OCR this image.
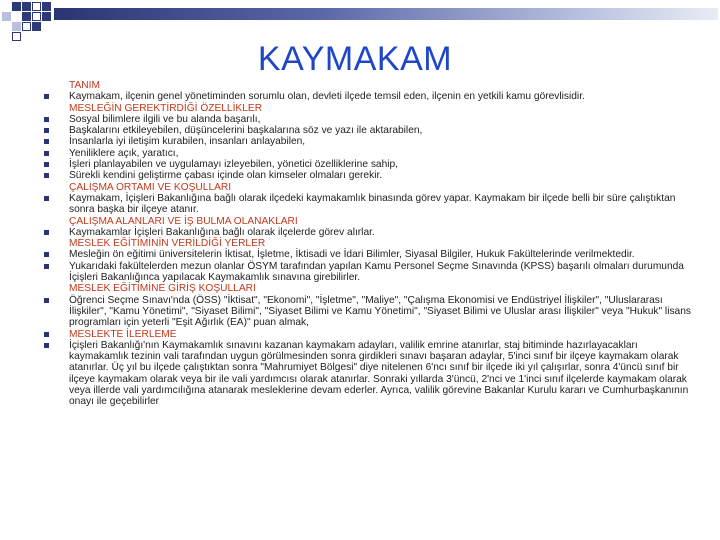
KAYMAKAM
TANIM
Kaymakam, ilçenin genel yönetiminden sorumlu olan, devleti ilçede temsil eden, ilçenin en yetkili kamu görevlisidir.
MESLEĞİN GEREKTİRDİĞİ ÖZELLİKLER
Sosyal bilimlere ilgili ve bu alanda başarılı,
Başkalarını etkileyebilen, düşüncelerini başkalarına söz ve yazı ile aktarabilen,
İnsanlarla iyi iletişim kurabilen, insanları anlayabilen,
Yeniliklere açık, yaratıcı,
İşleri planlayabilen ve uygulamayı izleyebilen, yönetici özelliklerine sahip,
Sürekli kendini geliştirme çabası içinde olan kimseler olmaları gerekir.
ÇALIŞMA ORTAMI VE KOŞULLARI
Kaymakam, İçişleri Bakanlığına bağlı olarak ilçedeki kaymakamlık binasında görev yapar. Kaymakam bir ilçede belli bir süre çalıştıktan sonra başka bir ilçeye atanır.
ÇALIŞMA ALANLARI VE İŞ BULMA OLANAKLARI
Kaymakamlar İçişleri Bakanlığına bağlı olarak ilçelerde görev alırlar.
MESLEK EĞİTİMİNİN VERİLDİĞİ YERLER
Mesleğin ön eğitimi üniversitelerin İktisat, İşletme, İktisadi ve İdari Bilimler, Siyasal Bilgiler, Hukuk Fakültelerinde verilmektedir.
Yukarıdaki fakültelerden mezun olanlar ÖSYM tarafından yapılan Kamu Personel Seçme Sınavında (KPSS) başarılı olmaları durumunda İçişleri Bakanlığınca yapılacak Kaymakamlık sınavına girebilirler.
MESLEK EĞİTİMİNE GİRİŞ KOŞULLARI
Öğrenci Seçme Sınavı'nda (ÖSS) "İktisat", "Ekonomi", "İşletme", "Maliye", "Çalışma Ekonomisi ve Endüstriyel İlişkiler", "Uluslararası İlişkiler", "Kamu Yönetimi", "Siyaset Bilimi", "Siyaset Bilimi ve Kamu Yönetimi", "Siyaset Bilimi ve Uluslar arası İlişkiler" veya "Hukuk" lisans programları için yeterli "Eşit Ağırlık (EA)" puan almak,
MESLEKTE İLERLEME
İçişleri Bakanlığı'nın Kaymakamlık sınavını kazanan kaymakam adayları, valilik emrine atanırlar, staj bitiminde hazırlayacakları kaymakamlık tezinin vali tarafından uygun görülmesinden sonra girdikleri sınavı başaran adaylar, 5'inci sınıf bir ilçeye kaymakam olarak atanırlar. Üç yıl bu ilçede çalıştıktan sonra "Mahrumiyet Bölgesi" diye nitelenen 6'ncı sınıf bir ilçede iki yıl çalışırlar, sonra 4'üncü sınıf bir ilçeye kaymakam olarak veya bir ile vali yardımcısı olarak atanırlar. Sonraki yıllarda 3'üncü, 2'nci ve 1'inci sınıf ilçelerde kaymakam olarak veya illerde vali yardımcılığına atanarak mesleklerine devam ederler. Ayrıca, valilik görevine Bakanlar Kurulu kararı ve Cumhurbaşkanının onayı ile geçebilirler
